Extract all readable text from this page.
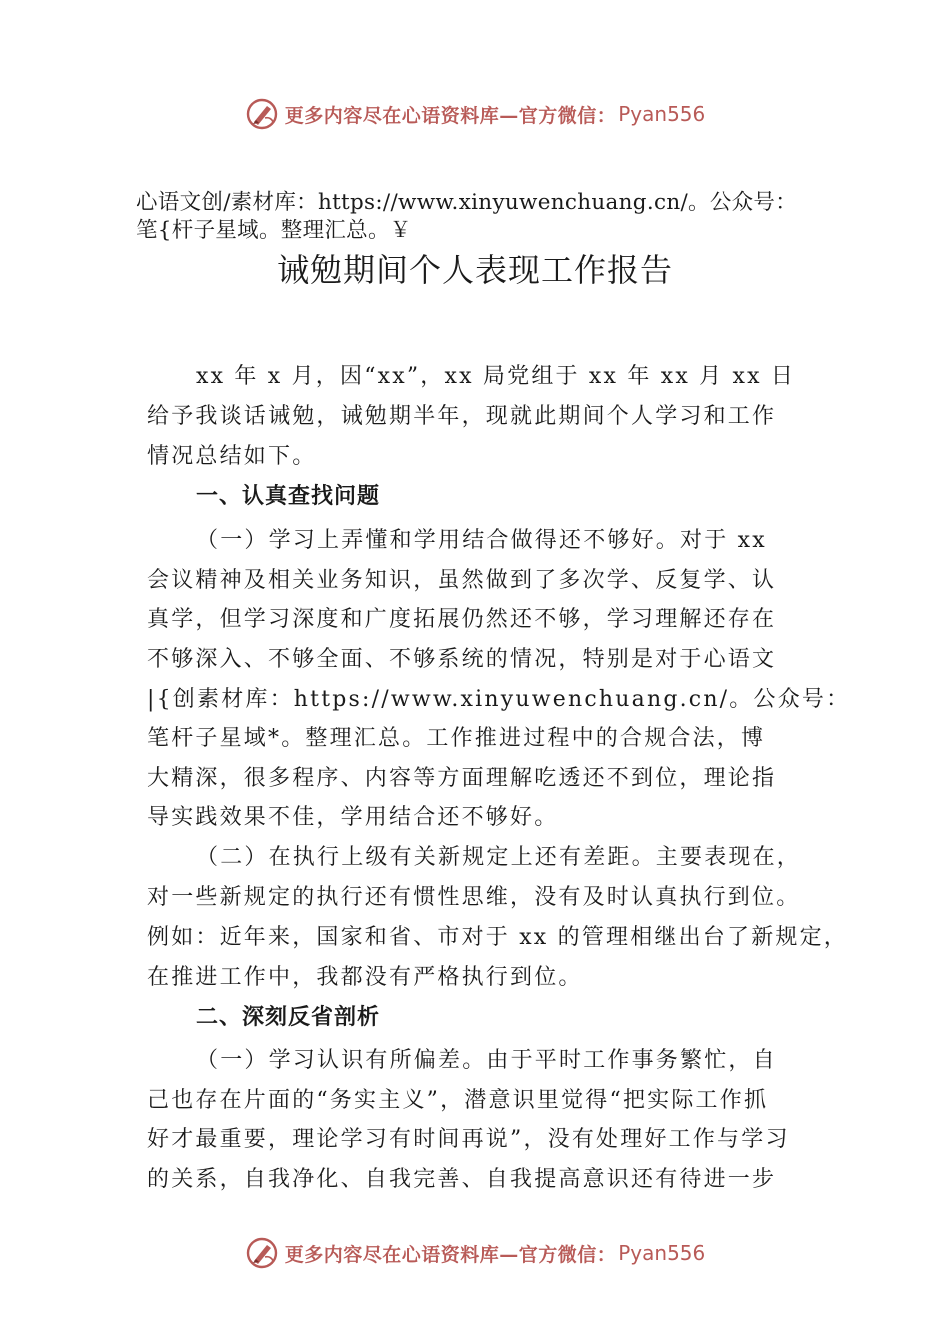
更多内容尽在心语资料库—官方微信： Pyan556
心语文创/素材库：https://www.xinyuwenchuang.cn/。公众号：
笔{杆子星域。整理汇总。￥
诫勉期间个人表现工作报告
xx 年 x 月，因“xx”，xx 局党组于 xx 年 xx 月 xx 日
给予我谈话诫勉，诫勉期半年，现就此期间个人学习和工作
情况总结如下。
一、认真查找问题
（一）学习上弄懂和学用结合做得还不够好。对于 xx
会议精神及相关业务知识，虽然做到了多次学、反复学、认
真学，但学习深度和广度拓展仍然还不够，学习理解还存在
不够深入、不够全面、不够系统的情况，特别是对于心语文
|{创素材库：https://www.xinyuwenchuang.cn/。公众号：
笔杆子星域*。整理汇总。工作推进过程中的合规合法，博
大精深，很多程序、内容等方面理解吃透还不到位，理论指
导实践效果不佳，学用结合还不够好。
（二）在执行上级有关新规定上还有差距。主要表现在，
对一些新规定的执行还有惯性思维，没有及时认真执行到位。
例如：近年来，国家和省、市对于 xx 的管理相继出台了新规定，
在推进工作中，我都没有严格执行到位。
二、深刻反省剖析
（一）学习认识有所偏差。由于平时工作事务繁忙，自
己也存在片面的“务实主义”，潜意识里觉得“把实际工作抓
好才最重要，理论学习有时间再说”，没有处理好工作与学习
的关系，自我净化、自我完善、自我提高意识还有待进一步
更多内容尽在心语资料库—官方微信： Pyan556
